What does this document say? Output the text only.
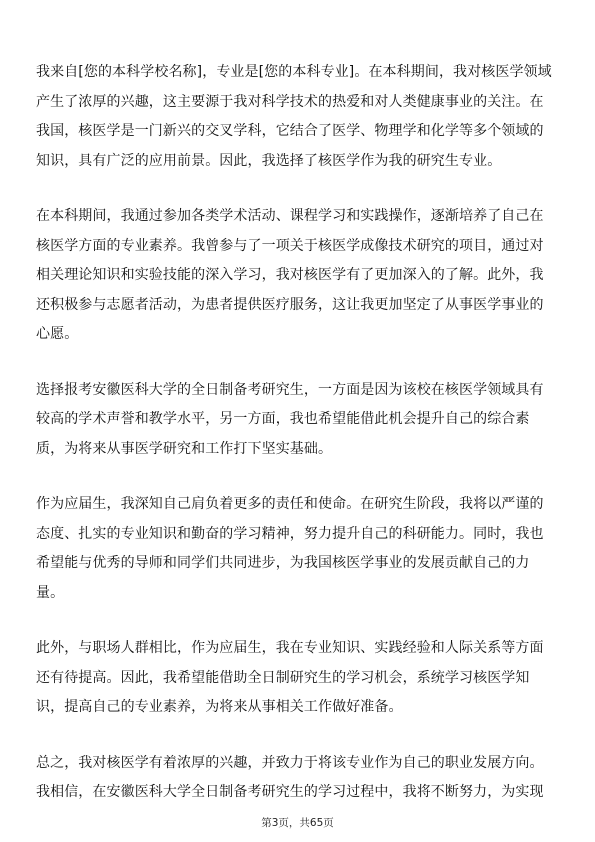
我来自[您的本科学校名称]，专业是[您的本科专业]。在本科期间，我对核医学领域
产生了浓厚的兴趣，这主要源于我对科学技术的热爱和对人类健康事业的关注。在
我国，核医学是一门新兴的交叉学科，它结合了医学、物理学和化学等多个领域的
知识，具有广泛的应用前景。因此，我选择了核医学作为我的研究生专业。

在本科期间，我通过参加各类学术活动、课程学习和实践操作，逐渐培养了自己在
核医学方面的专业素养。我曾参与了一项关于核医学成像技术研究的项目，通过对
相关理论知识和实验技能的深入学习，我对核医学有了更加深入的了解。此外，我
还积极参与志愿者活动，为患者提供医疗服务，这让我更加坚定了从事医学事业的
心愿。

选择报考安徽医科大学的全日制备考研究生，一方面是因为该校在核医学领域具有
较高的学术声誉和教学水平，另一方面，我也希望能借此机会提升自己的综合素
质，为将来从事医学研究和工作打下坚实基础。

作为应届生，我深知自己肩负着更多的责任和使命。在研究生阶段，我将以严谨的
态度、扎实的专业知识和勤奋的学习精神，努力提升自己的科研能力。同时，我也
希望能与优秀的导师和同学们共同进步，为我国核医学事业的发展贡献自己的力
量。

此外，与职场人群相比，作为应届生，我在专业知识、实践经验和人际关系等方面
还有待提高。因此，我希望能借助全日制研究生的学习机会，系统学习核医学知
识，提高自己的专业素养，为将来从事相关工作做好准备。

总之，我对核医学有着浓厚的兴趣，并致力于将该专业作为自己的职业发展方向。
我相信，在安徽医科大学全日制备考研究生的学习过程中，我将不断努力，为实现

第3页，共65页
